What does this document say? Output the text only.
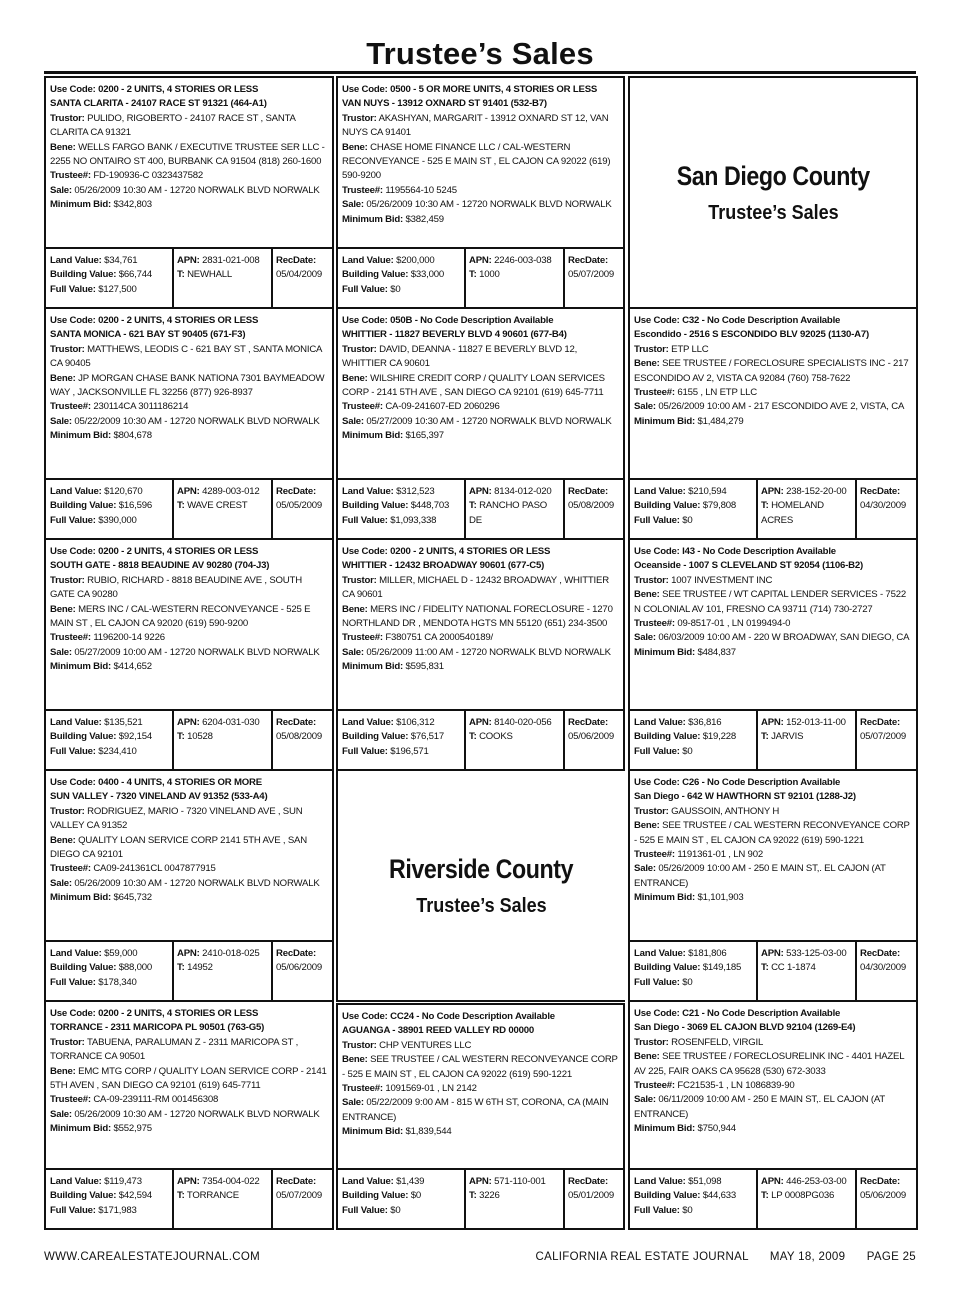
Trustee’s Sales
Use Code: 0200 - 2 UNITS, 4 STORIES OR LESS
SANTA CLARITA - 24107 RACE ST 91321 (464-A1)
Trustor: PULIDO, RIGOBERTO - 24107 RACE ST , SANTA CLARITA CA 91321
Bene: WELLS FARGO BANK / EXECUTIVE TRUSTEE SER LLC - 2255 NO ONTAIRO ST 400, BURBANK CA 91504 (818) 260-1600
Trustee#: FD-190936-C 0323437582
Sale: 05/26/2009 10:30 AM - 12720 NORWALK BLVD NORWALK
Minimum Bid: $342,803
Land Value: $34,761
Building Value: $66,744
Full Value: $127,500
APN: 2831-021-008
T: NEWHALL
RecDate:
05/04/2009
Use Code: 0500 - 5 OR MORE UNITS, 4 STORIES OR LESS
VAN NUYS - 13912 OXNARD ST 91401 (532-B7)
Trustor: AKASHYAN, MARGARIT - 13912 OXNARD ST 12, VAN NUYS CA 91401
Bene: CHASE HOME FINANCE LLC / CAL-WESTERN RECONVEYANCE - 525 E MAIN ST , EL CAJON CA 92022 (619) 590-9200
Trustee#: 1195564-10 5245
Sale: 05/26/2009 10:30 AM - 12720 NORWALK BLVD NORWALK
Minimum Bid: $382,459
Land Value: $200,000
Building Value: $33,000
Full Value: $0
APN: 2246-003-038
T: 1000
RecDate:
05/07/2009
San Diego County
Trustee’s Sales
Use Code: 0200 - 2 UNITS, 4 STORIES OR LESS
SANTA MONICA - 621 BAY ST 90405 (671-F3)
Trustor: MATTHEWS, LEODIS C - 621 BAY ST , SANTA MONICA CA 90405
Bene: JP MORGAN CHASE BANK NATIONA 7301 BAYMEADOW WAY , JACKSONVILLE FL 32256 (877) 926-8937
Trustee#: 230114CA 3011186214
Sale: 05/22/2009 10:30 AM - 12720 NORWALK BLVD NORWALK
Minimum Bid: $804,678
Land Value: $120,670
Building Value: $16,596
Full Value: $390,000
APN: 4289-003-012
T: WAVE CREST
RecDate:
05/05/2009
Use Code: 050B - No Code Description Available
WHITTIER - 11827 BEVERLY BLVD 4 90601 (677-B4)
Trustor: DAVID, DEANNA - 11827 E BEVERLY BLVD 12, WHITTIER CA 90601
Bene: WILSHIRE CREDIT CORP / QUALITY LOAN SERVICES CORP - 2141 5TH AVE , SAN DIEGO CA 92101 (619) 645-7711
Trustee#: CA-09-241607-ED 2060296
Sale: 05/27/2009 10:30 AM - 12720 NORWALK BLVD NORWALK
Minimum Bid: $165,397
Land Value: $312,523
Building Value: $448,703
Full Value: $1,093,338
APN: 8134-012-020
T: RANCHO PASO DE
RecDate:
05/08/2009
Use Code: C32 - No Code Description Available
Escondido - 2516 S ESCONDIDO BLV 92025 (1130-A7)
Trustor: ETP LLC
Bene: SEE TRUSTEE / FORECLOSURE SPECIALISTS INC - 217 ESCONDIDO AV 2, VISTA CA 92084 (760) 758-7622
Trustee#: 6155 , LN ETP LLC
Sale: 05/26/2009 10:00 AM - 217 ESCONDIDO AVE 2, VISTA, CA
Minimum Bid: $1,484,279
Land Value: $210,594
Building Value: $79,808
Full Value: $0
APN: 238-152-20-00
T: HOMELAND ACRES
RecDate:
04/30/2009
Use Code: 0200 - 2 UNITS, 4 STORIES OR LESS
SOUTH GATE - 8818 BEAUDINE AV 90280 (704-J3)
Trustor: RUBIO, RICHARD - 8818 BEAUDINE AVE , SOUTH GATE CA 90280
Bene: MERS INC / CAL-WESTERN RECONVEYANCE - 525 E MAIN ST , EL CAJON CA 92020 (619) 590-9200
Trustee#: 1196200-14 9226
Sale: 05/27/2009 10:00 AM - 12720 NORWALK BLVD NORWALK
Minimum Bid: $414,652
Land Value: $135,521
Building Value: $92,154
Full Value: $234,410
APN: 6204-031-030
T: 10528
RecDate:
05/08/2009
Use Code: 0200 - 2 UNITS, 4 STORIES OR LESS
WHITTIER - 12432 BROADWAY 90601 (677-C5)
Trustor: MILLER, MICHAEL D - 12432 BROADWAY , WHITTIER CA 90601
Bene: MERS INC / FIDELITY NATIONAL FORECLOSURE - 1270 NORTHLAND DR , MENDOTA HGTS MN 55120 (651) 234-3500
Trustee#: F380751 CA 2000540189/
Sale: 05/26/2009 11:00 AM - 12720 NORWALK BLVD NORWALK
Minimum Bid: $595,831
Land Value: $106,312
Building Value: $76,517
Full Value: $196,571
APN: 8140-020-056
T: COOKS
RecDate:
05/06/2009
Use Code: I43 - No Code Description Available
Oceanside - 1007 S CLEVELAND ST 92054 (1106-B2)
Trustor: 1007 INVESTMENT INC
Bene: SEE TRUSTEE / WT CAPITAL LENDER SERVICES - 7522 N COLONIAL AV 101, FRESNO CA 93711 (714) 730-2727
Trustee#: 09-8517-01 , LN 0199494-0
Sale: 06/03/2009 10:00 AM - 220 W BROADWAY, SAN DIEGO, CA
Minimum Bid: $484,837
Land Value: $36,816
Building Value: $19,228
Full Value: $0
APN: 152-013-11-00
T: JARVIS
RecDate:
05/07/2009
Use Code: 0400 - 4 UNITS, 4 STORIES OR MORE
SUN VALLEY - 7320 VINELAND AV 91352 (533-A4)
Trustor: RODRIGUEZ, MARIO - 7320 VINELAND AVE , SUN VALLEY CA 91352
Bene: QUALITY LOAN SERVICE CORP 2141 5TH AVE , SAN DIEGO CA 92101
Trustee#: CA09-241361CL 0047877915
Sale: 05/26/2009 10:30 AM - 12720 NORWALK BLVD NORWALK
Minimum Bid: $645,732
Land Value: $59,000
Building Value: $88,000
Full Value: $178,340
APN: 2410-018-025
T: 14952
RecDate:
05/06/2009
Riverside County
Trustee’s Sales
Use Code: C26 - No Code Description Available
San Diego - 642 W HAWTHORN ST 92101 (1288-J2)
Trustor: GAUSSOIN, ANTHONY H
Bene: SEE TRUSTEE / CAL WESTERN RECONVEYANCE CORP - 525 E MAIN ST , EL CAJON CA 92022 (619) 590-1221
Trustee#: 1191361-01 , LN 902
Sale: 05/26/2009 10:00 AM - 250 E MAIN ST,. EL CAJON (AT ENTRANCE)
Minimum Bid: $1,101,903
Land Value: $181,806
Building Value: $149,185
Full Value: $0
APN: 533-125-03-00
T: CC 1-1874
RecDate:
04/30/2009
Use Code: 0200 - 2 UNITS, 4 STORIES OR LESS
TORRANCE - 2311 MARICOPA PL 90501 (763-G5)
Trustor: TABUENA, PARALUMAN Z - 2311 MARICOPA ST , TORRANCE CA 90501
Bene: EMC MTG CORP / QUALITY LOAN SERVICE CORP - 2141 5TH AVEN , SAN DIEGO CA 92101 (619) 645-7711
Trustee#: CA-09-239111-RM 001456308
Sale: 05/26/2009 10:30 AM - 12720 NORWALK BLVD NORWALK
Minimum Bid: $552,975
Land Value: $119,473
Building Value: $42,594
Full Value: $171,983
APN: 7354-004-022
T: TORRANCE
RecDate:
05/07/2009
Use Code: CC24 - No Code Description Available
AGUANGA - 38901 REED VALLEY RD 00000
Trustor: CHP VENTURES LLC
Bene: SEE TRUSTEE / CAL WESTERN RECONVEYANCE CORP - 525 E MAIN ST , EL CAJON CA 92022 (619) 590-1221
Trustee#: 1091569-01 , LN 2142
Sale: 05/22/2009 9:00 AM - 815 W 6TH ST, CORONA, CA (MAIN ENTRANCE)
Minimum Bid: $1,839,544
Land Value: $1,439
Building Value: $0
Full Value: $0
APN: 571-110-001
T: 3226
RecDate:
05/01/2009
Use Code: C21 - No Code Description Available
San Diego - 3069 EL CAJON BLVD 92104 (1269-E4)
Trustor: ROSENFELD, VIRGIL
Bene: SEE TRUSTEE / FORECLOSURELINK INC - 4401 HAZEL AV 225, FAIR OAKS CA 95628 (530) 672-3033
Trustee#: FC21535-1 , LN 1086839-90
Sale: 06/11/2009 10:00 AM - 250 E MAIN ST,. EL CAJON (AT ENTRANCE)
Minimum Bid: $750,944
Land Value: $51,098
Building Value: $44,633
Full Value: $0
APN: 446-253-03-00
T: LP 0008PG036
RecDate:
05/06/2009
WWW.CAREALESTATEJOURNAL.COM	CALIFORNIA REAL ESTATE JOURNAL MAY 18, 2009 PAGE 25
